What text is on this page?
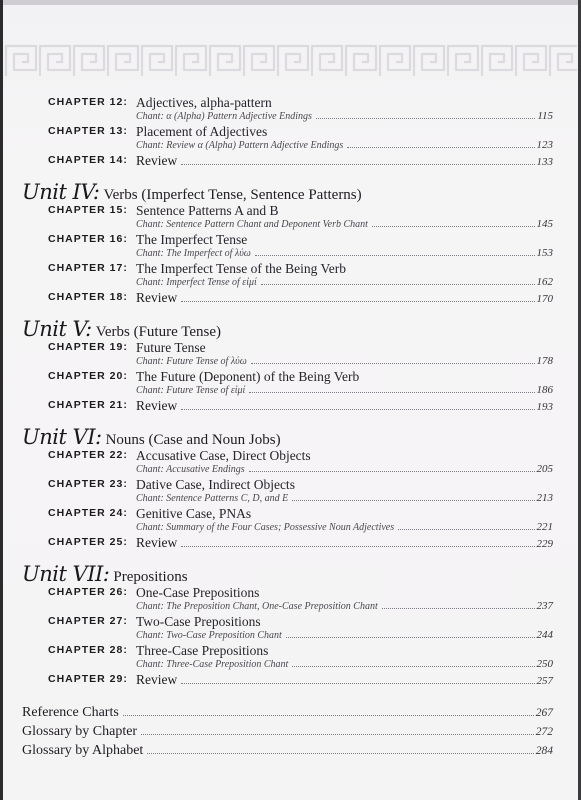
CHAPTER 12: Adjectives, alpha-pattern
Chant: α (Alpha) Pattern Adjective Endings	115
CHAPTER 13: Placement of Adjectives
Chant: Review α (Alpha) Pattern Adjective Endings	123
CHAPTER 14: Review	133
Unit IV: Verbs (Imperfect Tense, Sentence Patterns)
CHAPTER 15: Sentence Patterns A and B
Chant: Sentence Pattern Chant and Deponent Verb Chant	145
CHAPTER 16: The Imperfect Tense
Chant: The Imperfect of λύω	153
CHAPTER 17: The Imperfect Tense of the Being Verb
Chant: Imperfect Tense of εἰμί	162
CHAPTER 18: Review	170
Unit V: Verbs (Future Tense)
CHAPTER 19: Future Tense
Chant: Future Tense of λύω	178
CHAPTER 20: The Future (Deponent) of the Being Verb
Chant: Future Tense of εἰμί	186
CHAPTER 21: Review	193
Unit VI: Nouns (Case and Noun Jobs)
CHAPTER 22: Accusative Case, Direct Objects
Chant: Accusative Endings	205
CHAPTER 23: Dative Case, Indirect Objects
Chant: Sentence Patterns C, D, and E	213
CHAPTER 24: Genitive Case, PNAs
Chant: Summary of the Four Cases; Possessive Noun Adjectives	221
CHAPTER 25: Review	229
Unit VII: Prepositions
CHAPTER 26: One-Case Prepositions
Chant: The Preposition Chant, One-Case Preposition Chant	237
CHAPTER 27: Two-Case Prepositions
Chant: Two-Case Preposition Chant	244
CHAPTER 28: Three-Case Prepositions
Chant: Three-Case Preposition Chant	250
CHAPTER 29: Review	257
Reference Charts	267
Glossary by Chapter	272
Glossary by Alphabet	284
